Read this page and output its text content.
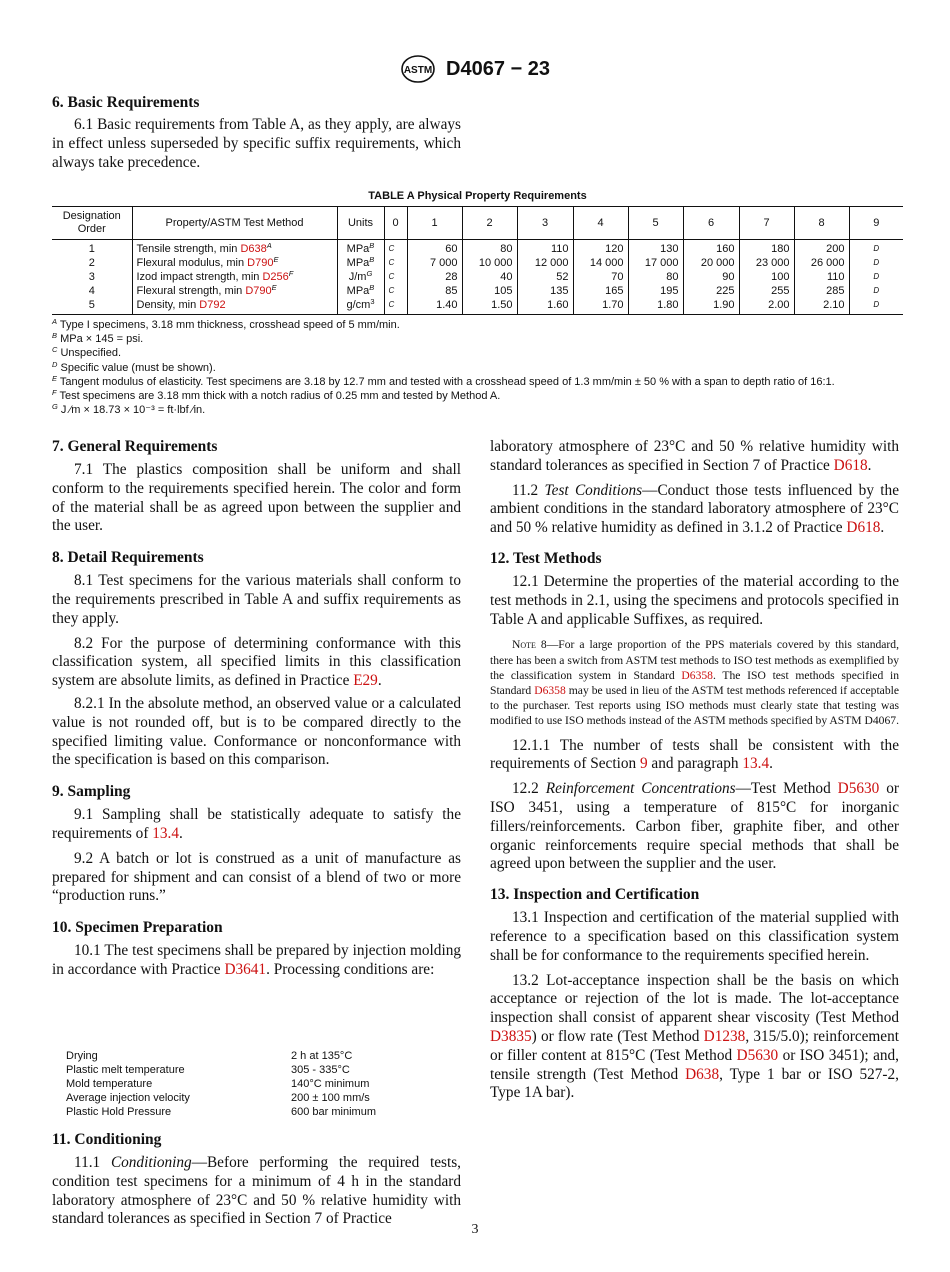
ASTM D4067 − 23
6. Basic Requirements

6.1 Basic requirements from Table A, as they apply, are always in effect unless superseded by specific suffix requirements, which always take precedence.

TABLE A Physical Property Requirements
Designation Order	Property/ASTM Test Method	Units	0	1	2	3	4	5	6	7	8	9
1	Tensile strength, $\min D638^A$	MPa$^B$	C	60	80	110	120	130	160	180	200	D
2	Flexural modulus, $\min D790^E$	MPa$^B$	C	7 000	10 000	12 000	14 000	17 000	20 000	23 000	26 000	D
3	Izod impact strength, $\min D256^F$	$J/m^G$	C	28	40	52	70	80	90	100	110	D
4	Flexural strength, $\min D790^E$	MPa$^B$	C	85	105	135	165	195	225	255	285	D
5	Density, min D792	$g/cm^3$	C	1.40	1.50	1.60	1.70	1.80	1.90	2.00	2.10	D
$^A$ Type I specimens, 3.18 mm thickness, crosshead speed of 5 mm/min.
$^B$ MPa × 145 = psi.
$^C$ Unspecified.
$^D$ Specific value (must be shown).
$^E$ Tangent modulus of elasticity. Test specimens are 3.18 by 12.7 mm and tested with a crosshead speed of 1.3 mm/min ± 50 % with a span to depth ratio of 16:1.
$^F$ Test specimens are 3.18 mm thick with a notch radius of 0.25 mm and tested by Method A.
$^G$ J ⁄m × 18.73 × 10⁻³ = ft·lbf ⁄in.
7. General Requirements

7.1 The plastics composition shall be uniform and shall conform to the requirements specified herein. The color and form of the material shall be as agreed upon between the supplier and the user.

8. Detail Requirements

8.1 Test specimens for the various materials shall conform to the requirements prescribed in Table A and suffix requirements as they apply.

8.2 For the purpose of determining conformance with this classification system, all specified limits in this classification system are absolute limits, as defined in Practice E29.

8.2.1 In the absolute method, an observed value or a calculated value is not rounded off, but is to be compared directly to the specified limiting value. Conformance or nonconformance with the specification is based on this comparison.

9. Sampling

9.1 Sampling shall be statistically adequate to satisfy the requirements of 13.4.

9.2 A batch or lot is construed as a unit of manufacture as prepared for shipment and can consist of a blend of two or more “production runs.”

10. Specimen Preparation

10.1 The test specimens shall be prepared by injection molding in accordance with Practice D3641. Processing conditions are:

Drying	2 h at 135°C
Plastic melt temperature	305 - 335°C
Mold temperature	140°C minimum
Average injection velocity	200 ± 100 mm/s
Plastic Hold Pressure	600 bar minimum
11. Conditioning

11.1 Conditioning—Before performing the required tests, condition test specimens for a minimum of 4 h in the standard laboratory atmosphere of 23°C and 50 % relative humidity with standard tolerances as specified in Section 7 of Practice

laboratory atmosphere of 23°C and 50 % relative humidity with standard tolerances as specified in Section 7 of Practice D618.

11.2 Test Conditions—Conduct those tests influenced by the ambient conditions in the standard laboratory atmosphere of 23°C and 50 % relative humidity as defined in 3.1.2 of Practice D618.

12. Test Methods

12.1 Determine the properties of the material according to the test methods in 2.1, using the specimens and protocols specified in Table A and applicable Suffixes, as required.

Note 8—For a large proportion of the PPS materials covered by this standard, there has been a switch from ASTM test methods to ISO test methods as exemplified by the classification system in Standard D6358. The ISO test methods specified in Standard D6358 may be used in lieu of the ASTM test methods referenced if acceptable to the purchaser. Test reports using ISO methods must clearly state that testing was modified to use ISO methods instead of the ASTM methods specified by ASTM D4067.

12.1.1 The number of tests shall be consistent with the requirements of Section 9 and paragraph 13.4.

12.2 Reinforcement Concentrations—Test Method D5630 or ISO 3451, using a temperature of 815°C for inorganic fillers/reinforcements. Carbon fiber, graphite fiber, and other organic reinforcements require special methods that shall be agreed upon between the supplier and the user.

13. Inspection and Certification

13.1 Inspection and certification of the material supplied with reference to a specification based on this classification system shall be for conformance to the requirements specified herein.

13.2 Lot-acceptance inspection shall be the basis on which acceptance or rejection of the lot is made. The lot-acceptance inspection shall consist of apparent shear viscosity (Test Method D3835) or flow rate (Test Method D1238, 315/5.0); reinforcement or filler content at 815°C (Test Method D5630 or ISO 3451); and, tensile strength (Test Method D638, Type 1 bar or ISO 527-2, Type 1A bar).

3
